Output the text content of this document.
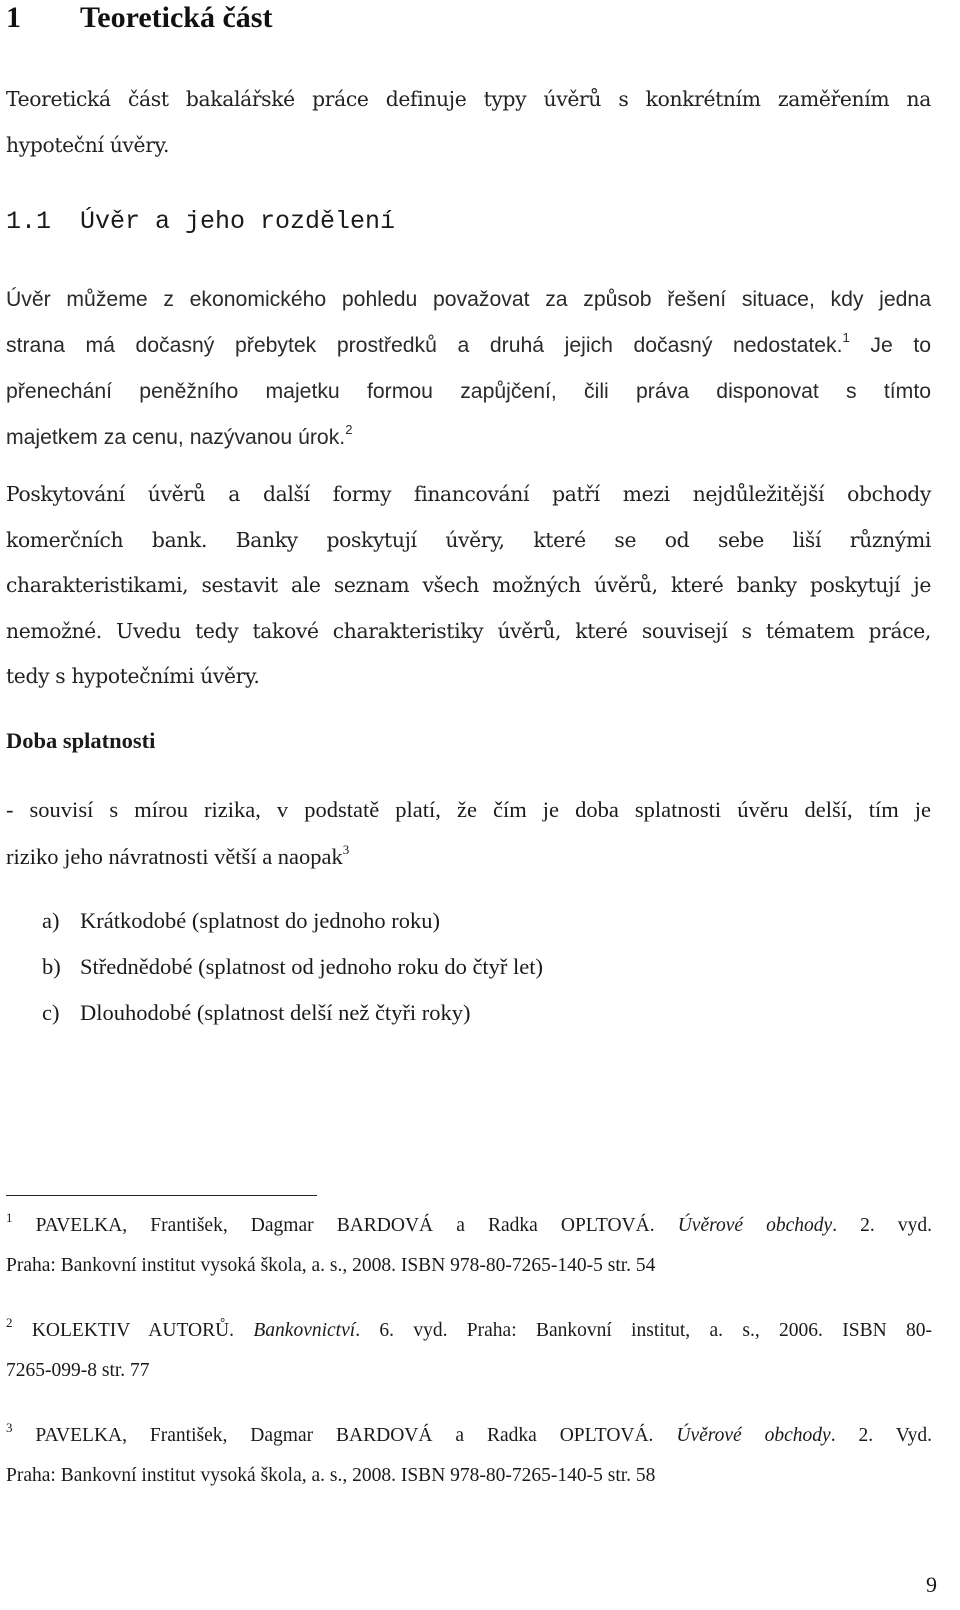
1 Teoretická část
Teoretická část bakalářské práce definuje typy úvěrů s konkrétním zaměřením na
hypoteční úvěry.
1.1 Úvěr a jeho rozdělení
Úvěr můžeme z ekonomického pohledu považovat za způsob řešení situace, kdy jedna
strana má dočasný přebytek prostředků a druhá jejich dočasný nedostatek.$^1$ Je to
přenechání peněžního majetku formou zapůjčení, čili práva disponovat s tímto
majetkem za cenu, nazývanou úrok.$^2$
Poskytování úvěrů a další formy financování patří mezi nejdůležitější obchody
komerčních bank. Banky poskytují úvěry, které se od sebe liší různými
charakteristikami, sestavit ale seznam všech možných úvěrů, které banky poskytují je
nemožné. Uvedu tedy takové charakteristiky úvěrů, které souvisejí s tématem práce,
tedy s hypotečními úvěry.
Doba splatnosti
- souvisí s mírou rizika, v podstatě platí, že čím je doba splatnosti úvěru delší, tím je
riziko jeho návratnosti větší a naopak$^3$
a) Krátkodobé (splatnost do jednoho roku)
b) Střednědobé (splatnost od jednoho roku do čtyř let)
c) Dlouhodobé (splatnost delší než čtyři roky)
$^1$ PAVELKA, František, Dagmar BARDOVÁ a Radka OPLTOVÁ. Úvěrové obchody. 2. vyd.
Praha: Bankovní institut vysoká škola, a. s., 2008. ISBN 978-80-7265-140-5 str. 54
$^2$ KOLEKTIV AUTORŮ. Bankovnictví. 6. vyd. Praha: Bankovní institut, a. s., 2006. ISBN 80-
7265-099-8 str. 77
$^3$ PAVELKA, František, Dagmar BARDOVÁ a Radka OPLTOVÁ. Úvěrové obchody. 2. Vyd.
Praha: Bankovní institut vysoká škola, a. s., 2008. ISBN 978-80-7265-140-5 str. 58
9
